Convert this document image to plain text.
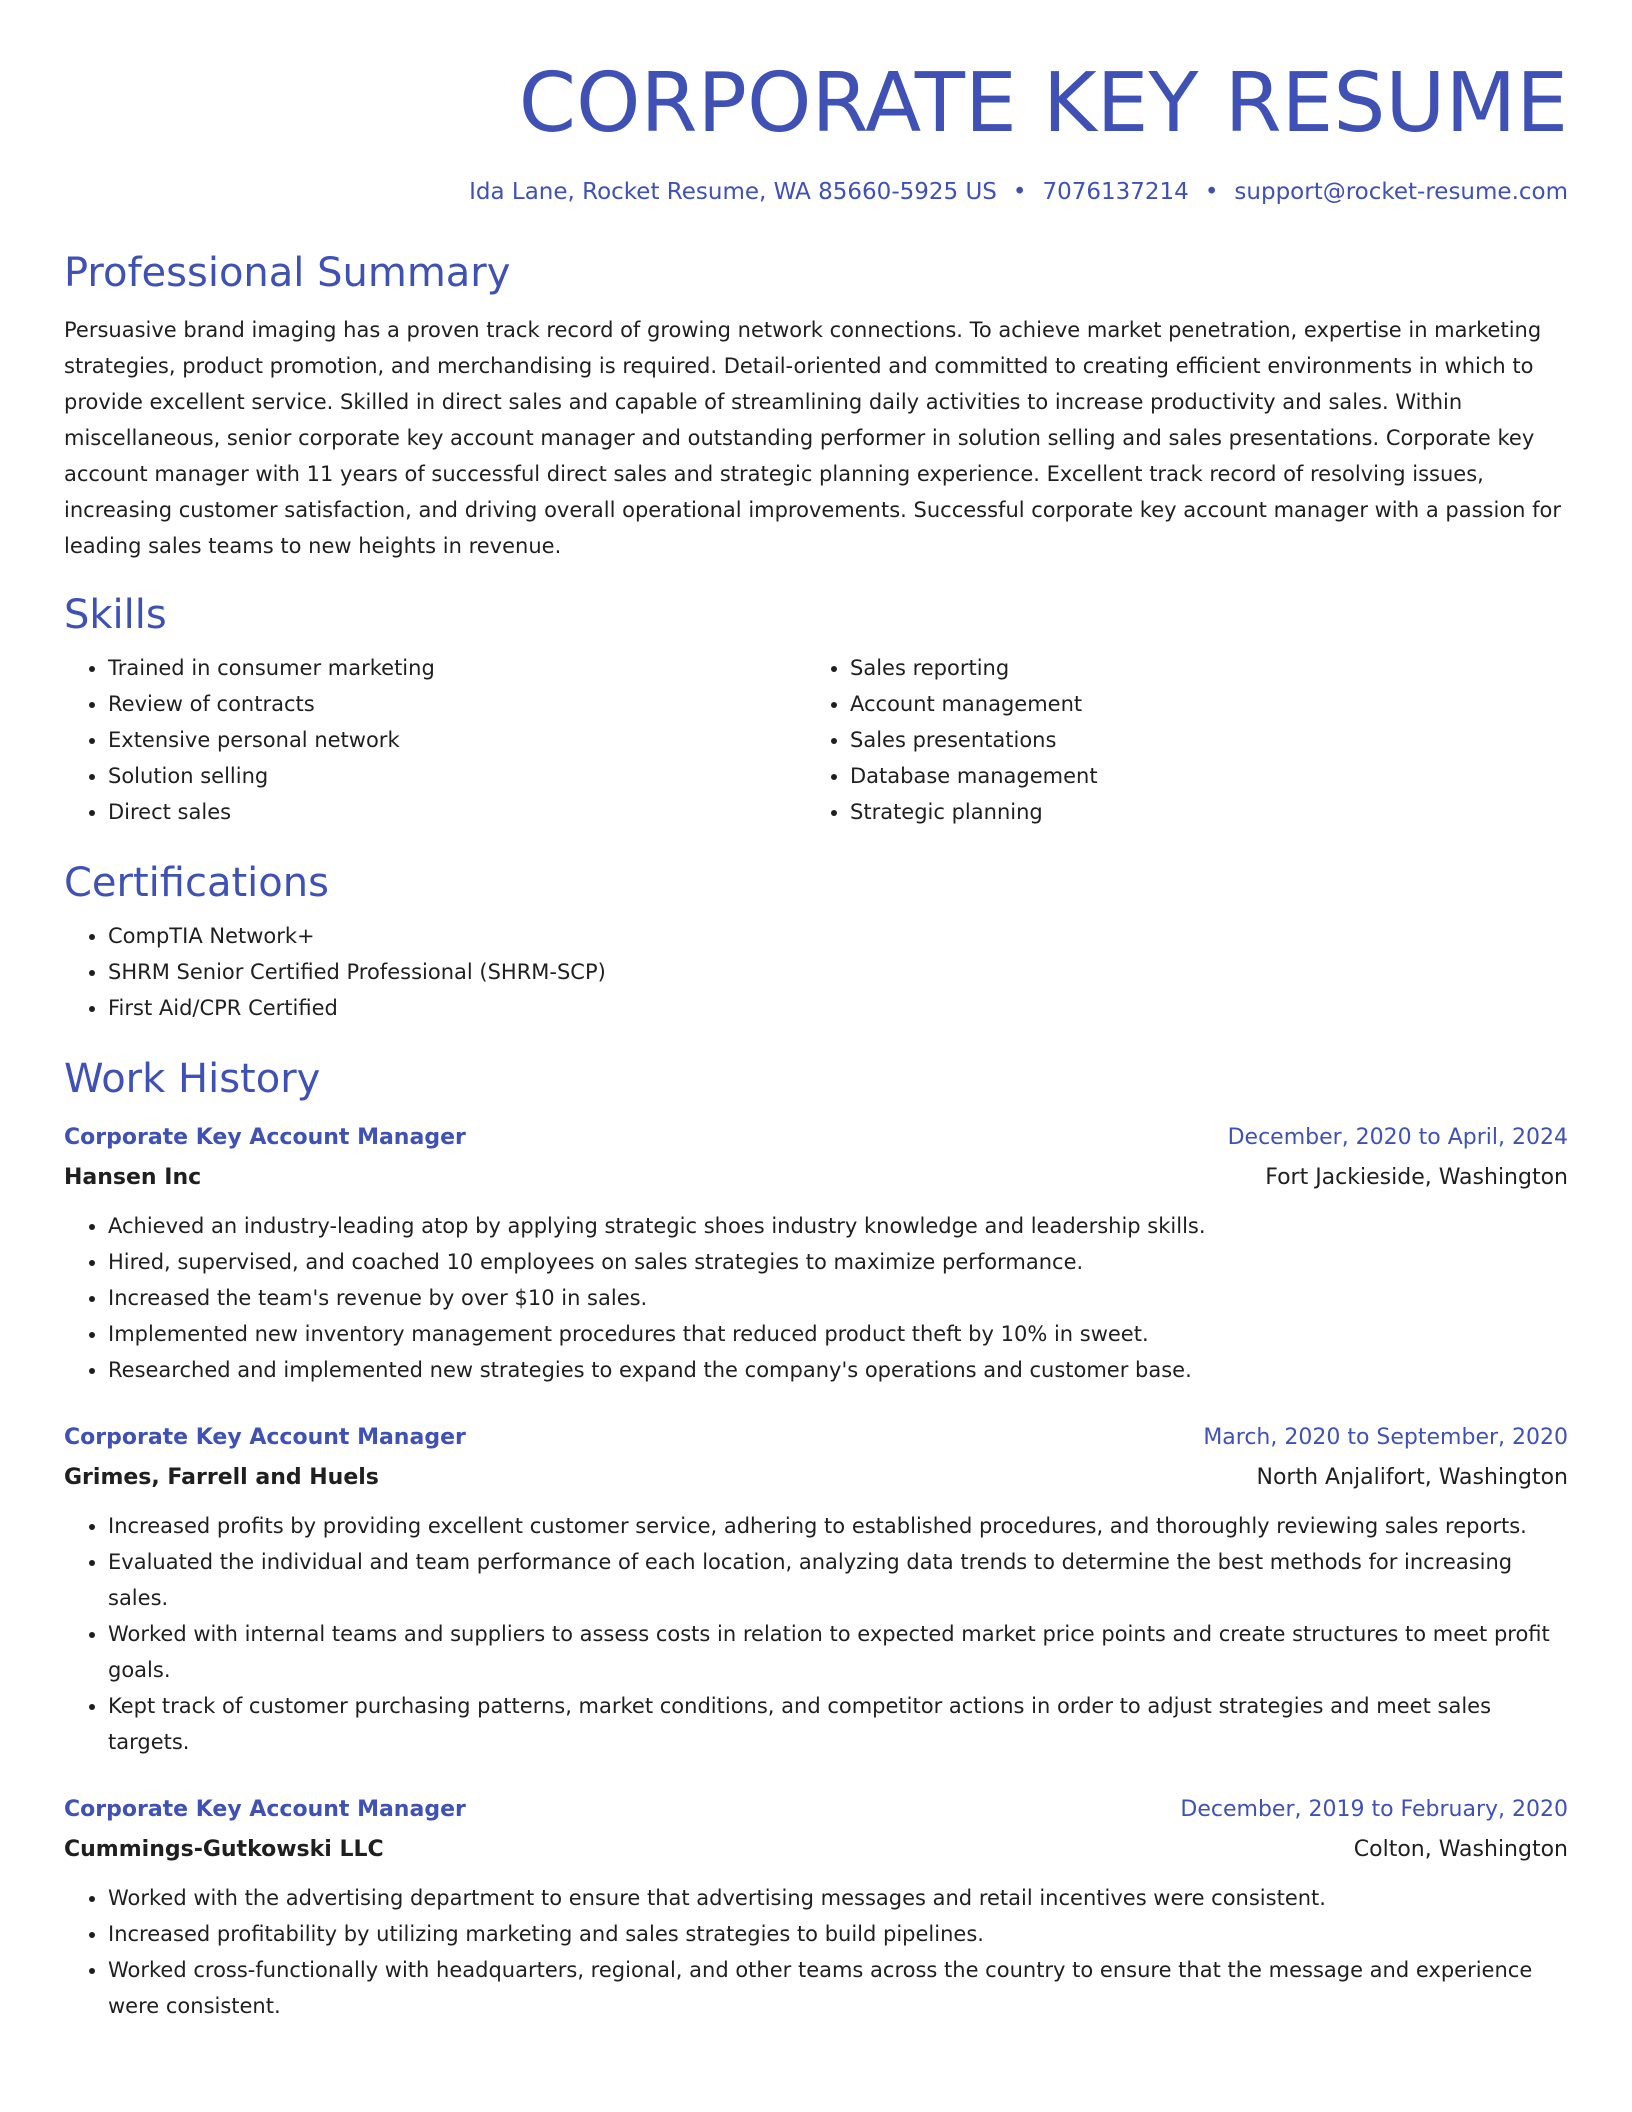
CORPORATE KEY RESUME
Ida Lane, Rocket Resume, WA 85660-5925 US • 7076137214 • support@rocket-resume.com
Professional Summary

Persuasive brand imaging has a proven track record of growing network connections. To achieve market penetration, expertise in marketing strategies, product promotion, and merchandising is required. Detail-oriented and committed to creating efficient environments in which to provide excellent service. Skilled in direct sales and capable of streamlining daily activities to increase productivity and sales. Within miscellaneous, senior corporate key account manager and outstanding performer in solution selling and sales presentations. Corporate key account manager with 11 years of successful direct sales and strategic planning experience. Excellent track record of resolving issues, increasing customer satisfaction, and driving overall operational improvements. Successful corporate key account manager with a passion for leading sales teams to new heights in revenue.

Skills
• Trained in consumer marketing
• Review of contracts
• Extensive personal network
• Solution selling
• Direct sales
• Sales reporting
• Account management
• Sales presentations
• Database management
• Strategic planning
Certifications
• CompTIA Network+
• SHRM Senior Certified Professional (SHRM-SCP)
• First Aid/CPR Certified
Work History
Corporate Key Account Manager	December, 2020 to April, 2024
Hansen Inc	Fort Jackieside, Washington
• Achieved an industry-leading atop by applying strategic shoes industry knowledge and leadership skills.
• Hired, supervised, and coached 10 employees on sales strategies to maximize performance.
• Increased the team's revenue by over $10 in sales.
• Implemented new inventory management procedures that reduced product theft by 10% in sweet.
• Researched and implemented new strategies to expand the company's operations and customer base.
Corporate Key Account Manager	March, 2020 to September, 2020
Grimes, Farrell and Huels	North Anjalifort, Washington
• Increased profits by providing excellent customer service, adhering to established procedures, and thoroughly reviewing sales reports.
• Evaluated the individual and team performance of each location, analyzing data trends to determine the best methods for increasing sales.
• Worked with internal teams and suppliers to assess costs in relation to expected market price points and create structures to meet profit goals.
• Kept track of customer purchasing patterns, market conditions, and competitor actions in order to adjust strategies and meet sales targets.
Corporate Key Account Manager	December, 2019 to February, 2020
Cummings-Gutkowski LLC	Colton, Washington
• Worked with the advertising department to ensure that advertising messages and retail incentives were consistent.
• Increased profitability by utilizing marketing and sales strategies to build pipelines.
• Worked cross-functionally with headquarters, regional, and other teams across the country to ensure that the message and experience were consistent.
